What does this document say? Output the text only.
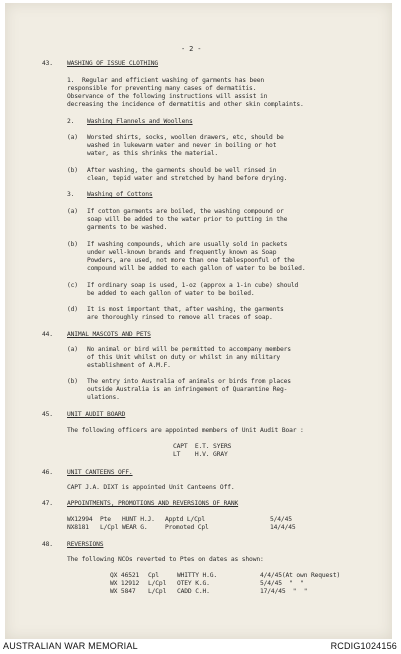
- 2 -
43. WASHING OF ISSUE CLOTHING
1. Regular and efficient washing of garments has been
responsible for preventing many cases of dermatitis.
Observance of the following instructions will assist in
decreasing the incidence of dermatitis and other skin complaints.
2. Washing Flannels and Woollens
(a) Worsted shirts, socks, woollen drawers, etc, should be
washed in lukewarm water and never in boiling or hot
water, as this shrinks the material.
(b) After washing, the garments should be well rinsed in
clean, tepid water and stretched by hand before drying.
3. Washing of Cottons
(a) If cotton garments are boiled, the washing compound or
soap will be added to the water prior to putting in the
garments to be washed.
(b) If washing compounds, which are usually sold in packets
under well-known brands and frequently known as Soap
Powders, are used, not more than one tablespoonful of the
compound will be added to each gallon of water to be boiled.
(c) If ordinary soap is used, 1-oz (approx a 1-in cube) should
be added to each gallon of water to be boiled.
(d) It is most important that, after washing, the garments
are thoroughly rinsed to remove all traces of soap.
44. ANIMAL MASCOTS AND PETS
(a) No animal or bird will be permitted to accompany members
of this Unit whilst on duty or whilst in any military
establishment of A.M.F.
(b) The entry into Australia of animals or birds from places
outside Australia is an infringement of Quarantine Reg-
ulations.
45. UNIT AUDIT BOARD
The following officers are appointed members of Unit Audit Boar :
CAPT  E.T. SYERS
LT    H.V. GRAY
46. UNIT CANTEENS OFF.
CAPT J.A. DIXT is appointed Unit Canteens Off.
47. APPOINTMENTS, PROMOTIONS AND REVERSIONS OF RANK
WX12994 Pte HUNT H.J. Apptd L/Cpl	5/4/45
NX8181 L/Cpl WEAR G.	Promoted Cpl	14/4/45
48. REVERSIONS
The following NCOs reverted to Ptes on dates as shown:
QX 46521 Cpl	WHITTY H.G.	4/4/45(At own Request)
WX 12912 L/Cpl OTEY K.G.	5/4/45  "  "
WX 5847 L/Cpl CADD C.H.	17/4/45  "  "
AUSTRALIAN WAR MEMORIAL	RCDIG1024156
